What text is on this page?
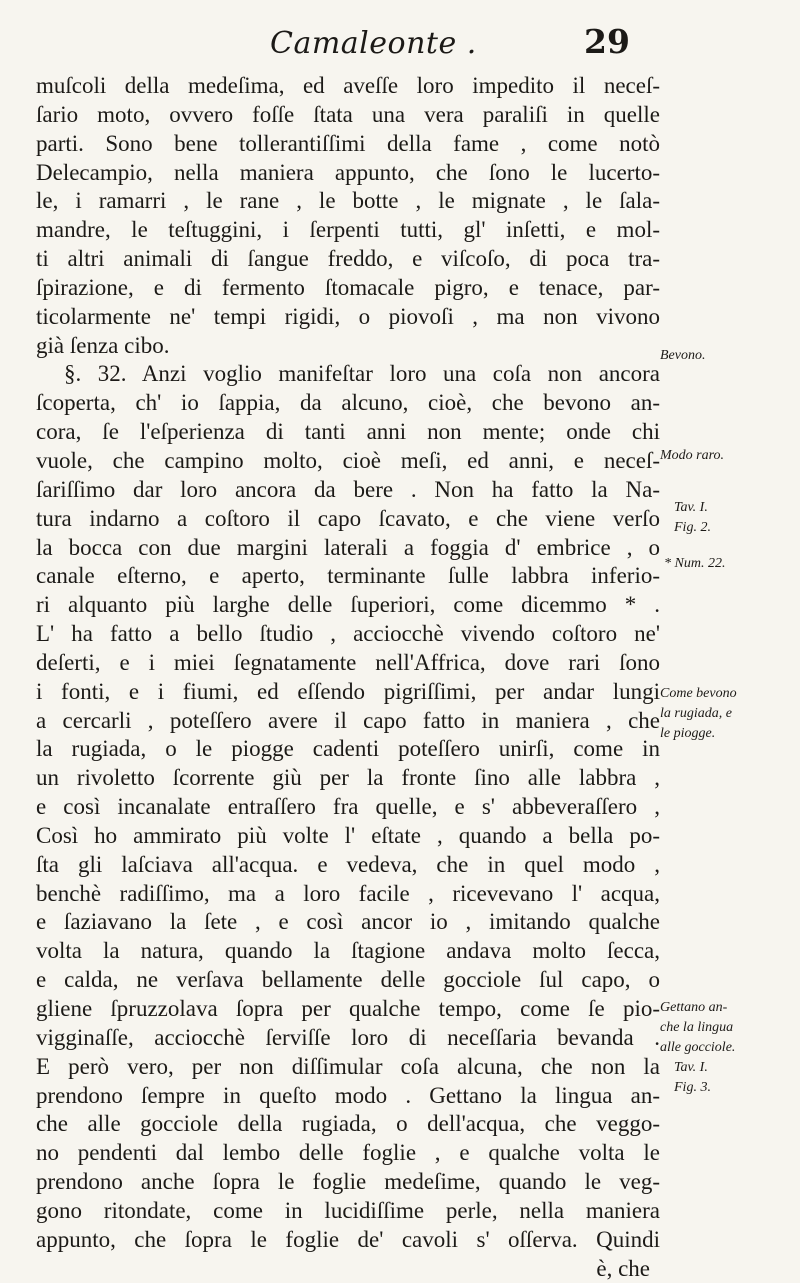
Camaleonte .	29
muſcoli della medeſima, ed aveſſe loro impedito il neceſ-
ſario moto, ovvero foſſe ſtata una vera paraliſi in quelle
parti. Sono bene tollerantiſſimi della fame , come notò
Delecampio, nella maniera appunto, che ſono le lucerto-
le, i ramarri , le rane , le botte , le mignate , le ſala-
mandre, le teſtuggini, i ſerpenti tutti, gl' inſetti, e mol-
ti altri animali di ſangue freddo, e viſcoſo, di poca tra-
ſpirazione, e di fermento ſtomacale pigro, e tenace, par-
ticolarmente ne' tempi rigidi, o piovoſi , ma non vivono
già ſenza cibo.
§. 32. Anzi voglio manifeſtar loro una coſa non ancora
ſcoperta, ch' io ſappia, da alcuno, cioè, che bevono an-
cora, ſe l'eſperienza di tanti anni non mente; onde chi
vuole, che campino molto, cioè meſi, ed anni, e neceſ-
ſariſſimo dar loro ancora da bere . Non ha fatto la Na-
tura indarno a coſtoro il capo ſcavato, e che viene verſo
la bocca con due margini laterali a foggia d' embrice , o
canale eſterno, e aperto, terminante ſulle labbra inferio-
ri alquanto più larghe delle ſuperiori, come dicemmo * .
L' ha fatto a bello ſtudio , acciocchè vivendo coſtoro ne'
deſerti, e i miei ſegnatamente nell'Affrica, dove rari ſono
i fonti, e i fiumi, ed eſſendo pigriſſimi, per andar lungi
a cercarli , poteſſero avere il capo fatto in maniera , che
la rugiada, o le piogge cadenti poteſſero unirſi, come in
un rivoletto ſcorrente giù per la fronte ſino alle labbra ,
e così incanalate entraſſero fra quelle, e s' abbeveraſſero ,
Così ho ammirato più volte l' eſtate , quando a bella po-
ſta gli laſciava all'acqua. e vedeva, che in quel modo ,
benchè radiſſimo, ma a loro facile , ricevevano l' acqua,
e ſaziavano la ſete , e così ancor io , imitando qualche
volta la natura, quando la ſtagione andava molto ſecca,
e calda, ne verſava bellamente delle gocciole ſul capo, o
gliene ſpruzzolava ſopra per qualche tempo, come ſe pio-
vigginaſſe, acciocchè ſerviſſe loro di neceſſaria bevanda .
E però vero, per non diſſimular coſa alcuna, che non la
prendono ſempre in queſto modo . Gettano la lingua an-
che alle gocciole della rugiada, o dell'acqua, che veggo-
no pendenti dal lembo delle foglie , e qualche volta le
prendono anche ſopra le foglie medeſime, quando le veg-
gono ritondate, come in lucidiſſime perle, nella maniera
appunto, che ſopra le foglie de' cavoli s' oſſerva. Quindi
è, che
Bevono.
Modo raro.
Tav. I.
Fig. 2.
* Num. 22.
Come bevono
la rugiada, e
le piogge.
Gettano an-
che la lingua
alle gocciole.
Tav. I.
Fig. 3.
